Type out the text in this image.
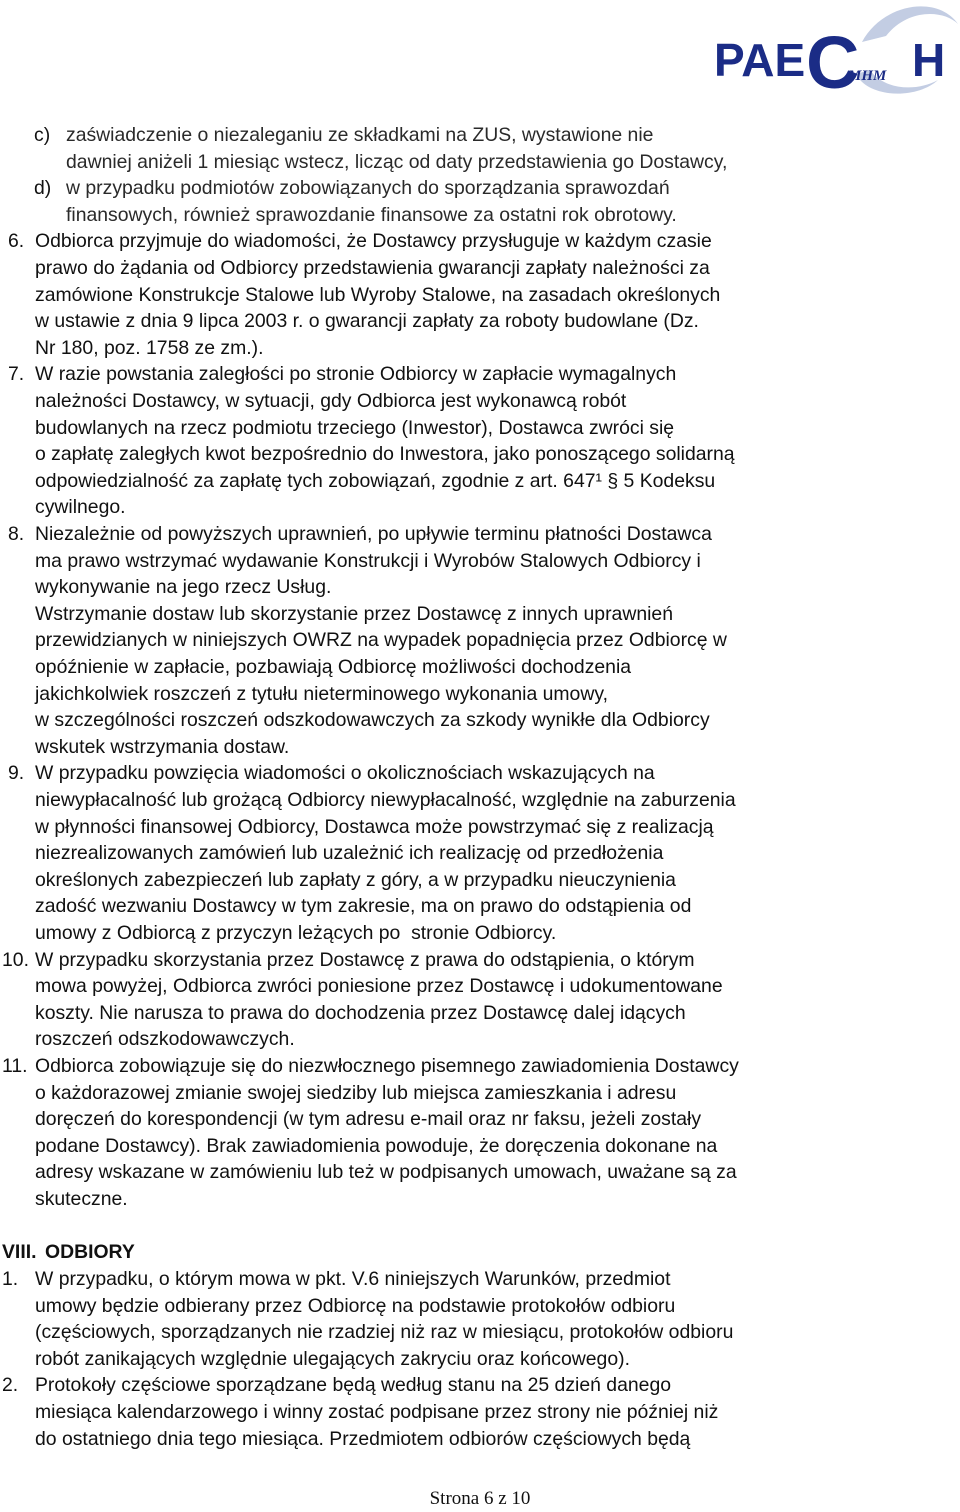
PAE C H
MHM
c) zaświadczenie o niezaleganiu ze składkami na ZUS, wystawione nie
dawniej aniżeli 1 miesiąc wstecz, licząc od daty przedstawienia go Dostawcy,
d) w przypadku podmiotów zobowiązanych do sporządzania sprawozdań
finansowych, również sprawozdanie finansowe za ostatni rok obrotowy.
6. Odbiorca przyjmuje do wiadomości, że Dostawcy przysługuje w każdym czasie
prawo do żądania od Odbiorcy przedstawienia gwarancji zapłaty należności za
zamówione Konstrukcje Stalowe lub Wyroby Stalowe, na zasadach określonych
w ustawie z dnia 9 lipca 2003 r. o gwarancji zapłaty za roboty budowlane (Dz.
Nr 180, poz. 1758 ze zm.).
7. W razie powstania zaległości po stronie Odbiorcy w zapłacie wymagalnych
należności Dostawcy, w sytuacji, gdy Odbiorca jest wykonawcą robót
budowlanych na rzecz podmiotu trzeciego (Inwestor), Dostawca zwróci się
o zapłatę zaległych kwot bezpośrednio do Inwestora, jako ponoszącego solidarną
odpowiedzialność za zapłatę tych zobowiązań, zgodnie z art. 647¹ § 5 Kodeksu
cywilnego.
8. Niezależnie od powyższych uprawnień, po upływie terminu płatności Dostawca
ma prawo wstrzymać wydawanie Konstrukcji i Wyrobów Stalowych Odbiorcy i
wykonywanie na jego rzecz Usług.
Wstrzymanie dostaw lub skorzystanie przez Dostawcę z innych uprawnień
przewidzianych w niniejszych OWRZ na wypadek popadnięcia przez Odbiorcę w
opóźnienie w zapłacie, pozbawiają Odbiorcę możliwości dochodzenia
jakichkolwiek roszczeń z tytułu nieterminowego wykonania umowy,
w szczególności roszczeń odszkodowawczych za szkody wynikłe dla Odbiorcy
wskutek wstrzymania dostaw.
9. W przypadku powzięcia wiadomości o okolicznościach wskazujących na
niewypłacalność lub grożącą Odbiorcy niewypłacalność, względnie na zaburzenia
w płynności finansowej Odbiorcy, Dostawca może powstrzymać się z realizacją
niezrealizowanych zamówień lub uzależnić ich realizację od przedłożenia
określonych zabezpieczeń lub zapłaty z góry, a w przypadku nieuczynienia
zadość wezwaniu Dostawcy w tym zakresie, ma on prawo do odstąpienia od
umowy z Odbiorcą z przyczyn leżących po  stronie Odbiorcy.
10. W przypadku skorzystania przez Dostawcę z prawa do odstąpienia, o którym
mowa powyżej, Odbiorca zwróci poniesione przez Dostawcę i udokumentowane
koszty. Nie narusza to prawa do dochodzenia przez Dostawcę dalej idących
roszczeń odszkodowawczych.
11. Odbiorca zobowiązuje się do niezwłocznego pisemnego zawiadomienia Dostawcy
o każdorazowej zmianie swojej siedziby lub miejsca zamieszkania i adresu
doręczeń do korespondencji (w tym adresu e-mail oraz nr faksu, jeżeli zostały
podane Dostawcy). Brak zawiadomienia powoduje, że doręczenia dokonane na
adresy wskazane w zamówieniu lub też w podpisanych umowach, uważane są za
skuteczne.
VIII. ODBIORY
1. W przypadku, o którym mowa w pkt. V.6 niniejszych Warunków, przedmiot
umowy będzie odbierany przez Odbiorcę na podstawie protokołów odbioru
(częściowych, sporządzanych nie rzadziej niż raz w miesiącu, protokołów odbioru
robót zanikających względnie ulegających zakryciu oraz końcowego).
2. Protokoły częściowe sporządzane będą według stanu na 25 dzień danego
miesiąca kalendarzowego i winny zostać podpisane przez strony nie później niż
do ostatniego dnia tego miesiąca. Przedmiotem odbiorów częściowych będą
Strona 6 z 10
